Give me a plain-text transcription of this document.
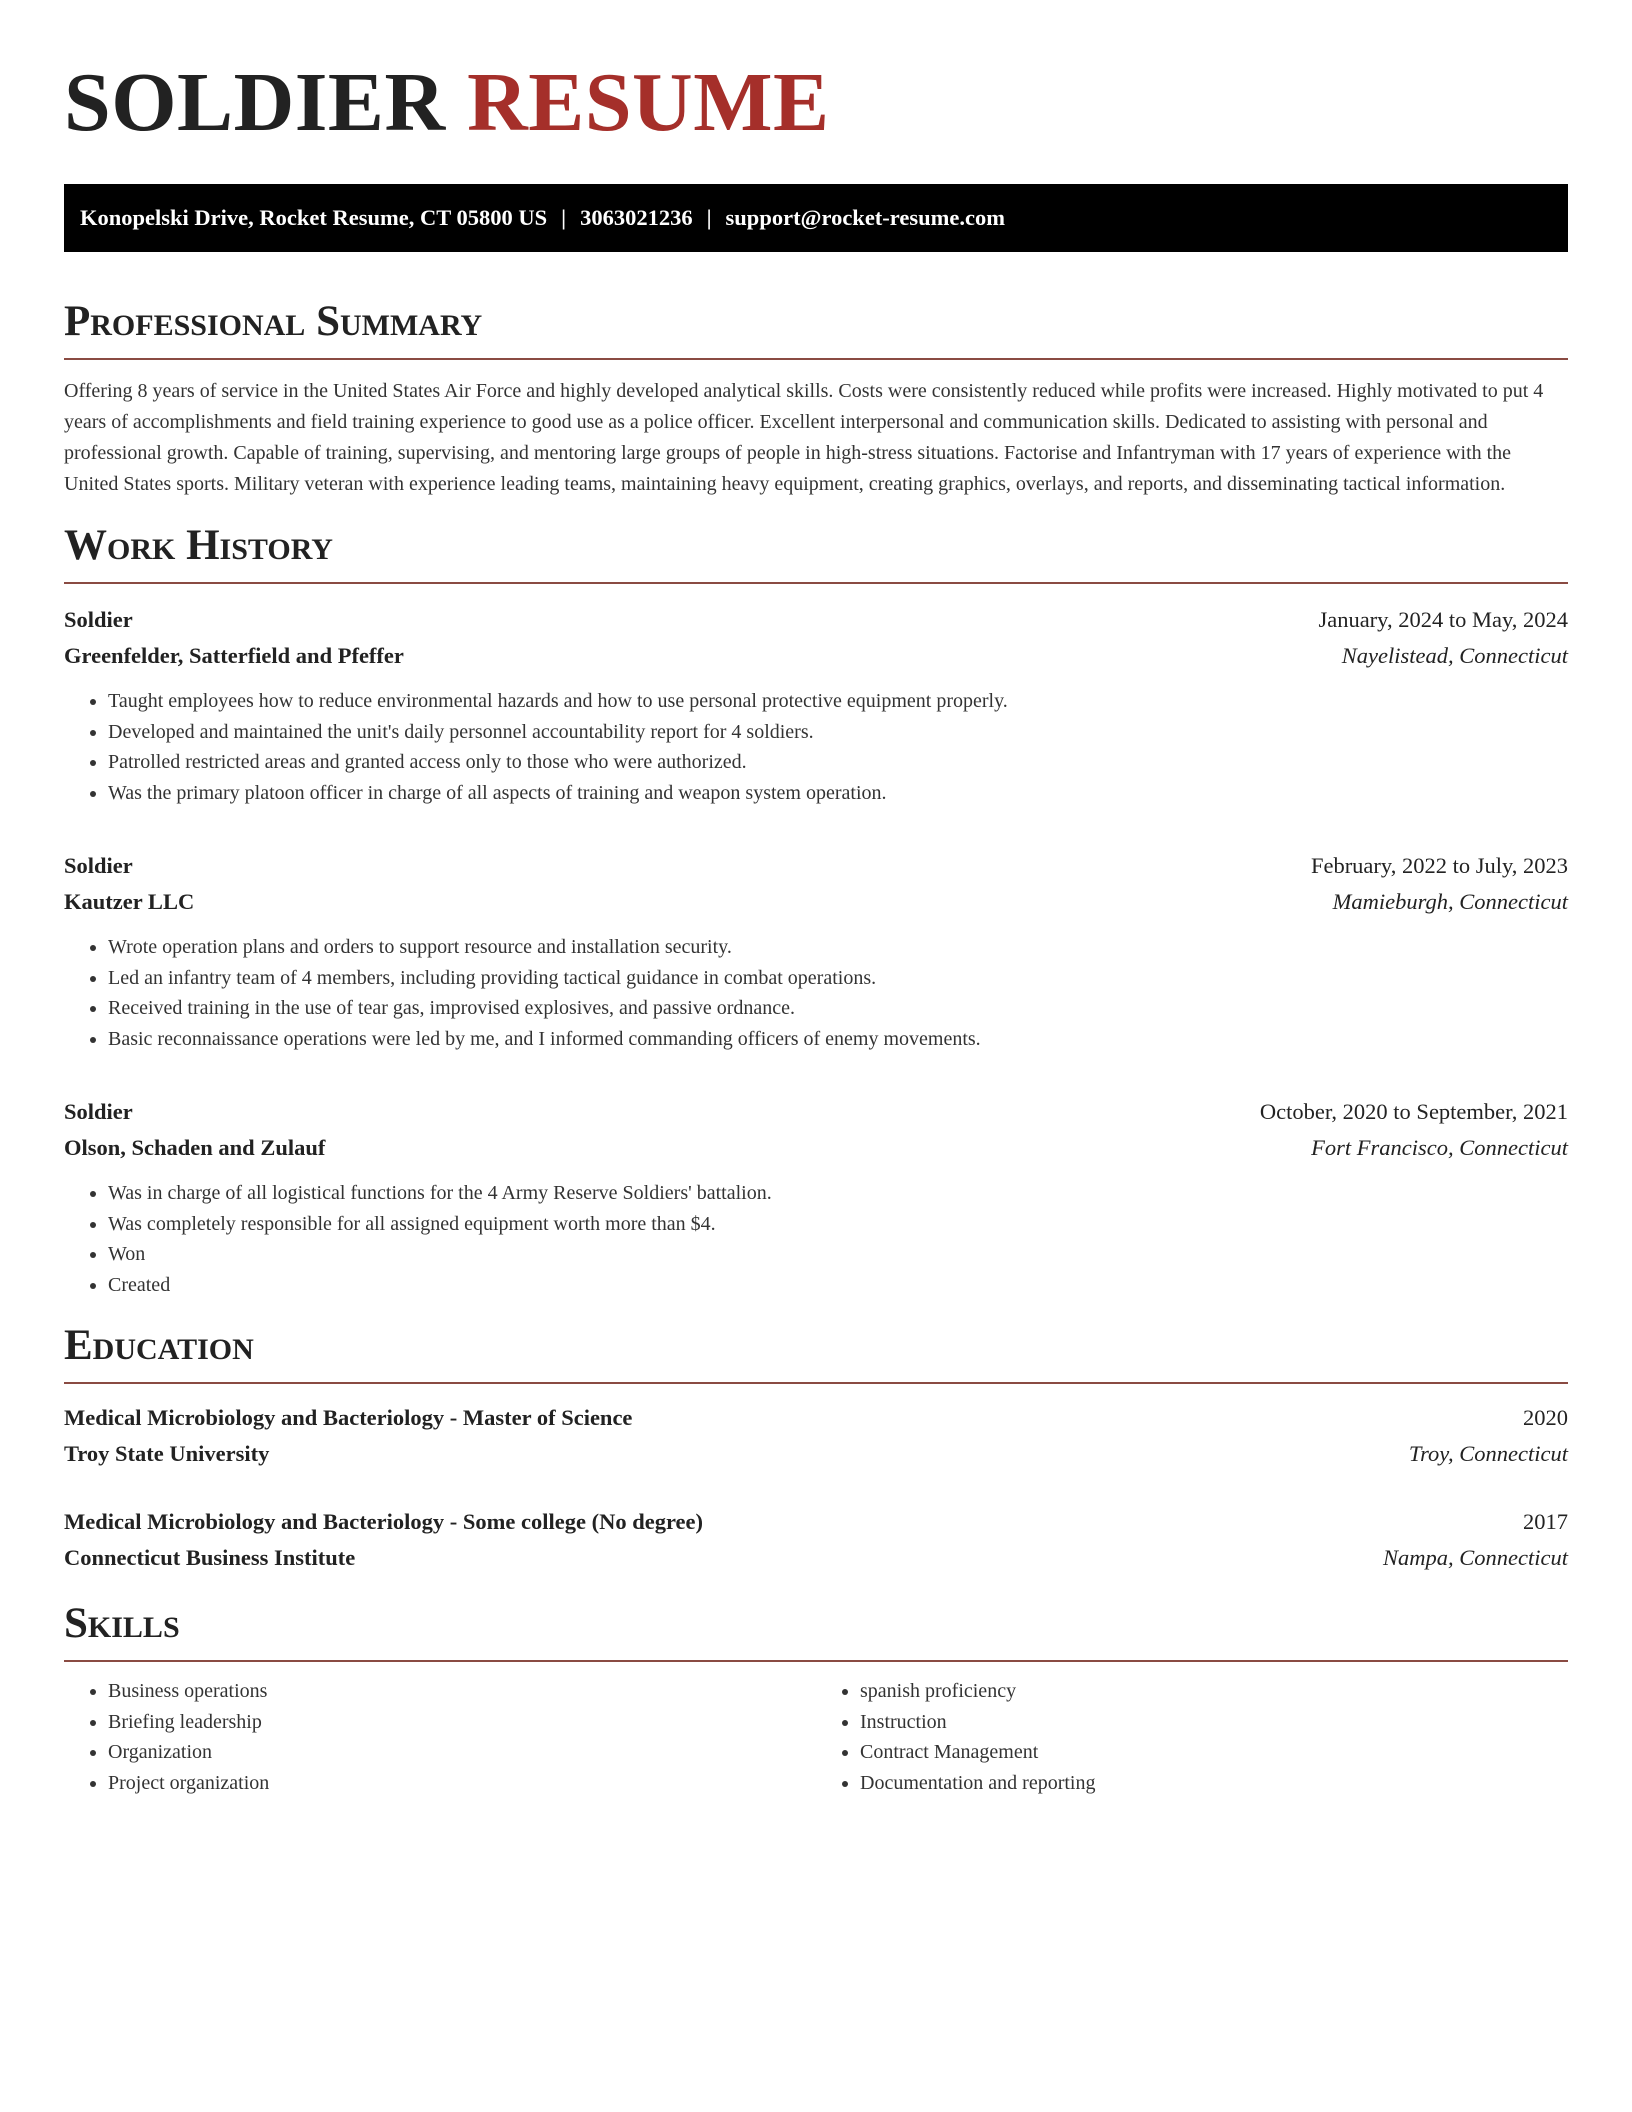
SOLDIER RESUME
Konopelski Drive, Rocket Resume, CT 05800 US | 3063021236 | support@rocket-resume.com
Professional Summary

Offering 8 years of service in the United States Air Force and highly developed analytical skills. Costs were consistently reduced while profits were increased. Highly motivated to put 4 years of accomplishments and field training experience to good use as a police officer. Excellent interpersonal and communication skills. Dedicated to assisting with personal and professional growth. Capable of training, supervising, and mentoring large groups of people in high-stress situations. Factorise and Infantryman with 17 years of experience with the United States sports. Military veteran with experience leading teams, maintaining heavy equipment, creating graphics, overlays, and reports, and disseminating tactical information.

Work History
Soldier	January, 2024 to May, 2024
Greenfelder, Satterfield and Pfeffer	Nayelistead, Connecticut
• Taught employees how to reduce environmental hazards and how to use personal protective equipment properly.
• Developed and maintained the unit's daily personnel accountability report for 4 soldiers.
• Patrolled restricted areas and granted access only to those who were authorized.
• Was the primary platoon officer in charge of all aspects of training and weapon system operation.
Soldier	February, 2022 to July, 2023
Kautzer LLC	Mamieburgh, Connecticut
• Wrote operation plans and orders to support resource and installation security.
• Led an infantry team of 4 members, including providing tactical guidance in combat operations.
• Received training in the use of tear gas, improvised explosives, and passive ordnance.
• Basic reconnaissance operations were led by me, and I informed commanding officers of enemy movements.
Soldier	October, 2020 to September, 2021
Olson, Schaden and Zulauf	Fort Francisco, Connecticut
• Was in charge of all logistical functions for the 4 Army Reserve Soldiers' battalion.
• Was completely responsible for all assigned equipment worth more than $4.
• Won
• Created
Education
Medical Microbiology and Bacteriology - Master of Science	2020
Troy State University	Troy, Connecticut
Medical Microbiology and Bacteriology - Some college (No degree)	2017
Connecticut Business Institute	Nampa, Connecticut
Skills
• Business operations
• Briefing leadership
• Organization
• Project organization
• spanish proficiency
• Instruction
• Contract Management
• Documentation and reporting
